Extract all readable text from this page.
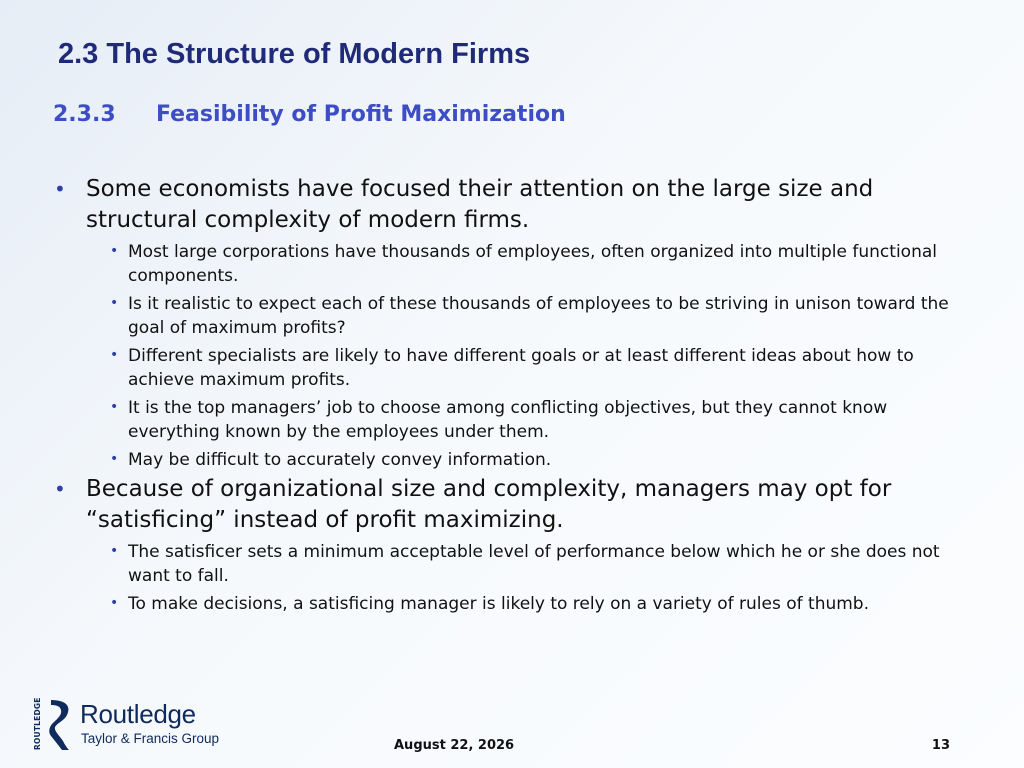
2.3 The Structure of Modern Firms
2.3.3 Feasibility of Profit Maximization
• Some economists have focused their attention on the large size and structural complexity of modern firms.
• Most large corporations have thousands of employees, often organized into multiple functional components.
• Is it realistic to expect each of these thousands of employees to be striving in unison toward the goal of maximum profits?
• Different specialists are likely to have different goals or at least different ideas about how to achieve maximum profits.
• It is the top managers’ job to choose among conflicting objectives, but they cannot know everything known by the employees under them.
• May be difficult to accurately convey information.
• Because of organizational size and complexity, managers may opt for “satisficing” instead of profit maximizing.
• The satisficer sets a minimum acceptable level of performance below which he or she does not want to fall.
• To make decisions, a satisficing manager is likely to rely on a variety of rules of thumb.
ROUTLEDGE Routledge
Taylor & Francis Group	August 22, 2026	13
